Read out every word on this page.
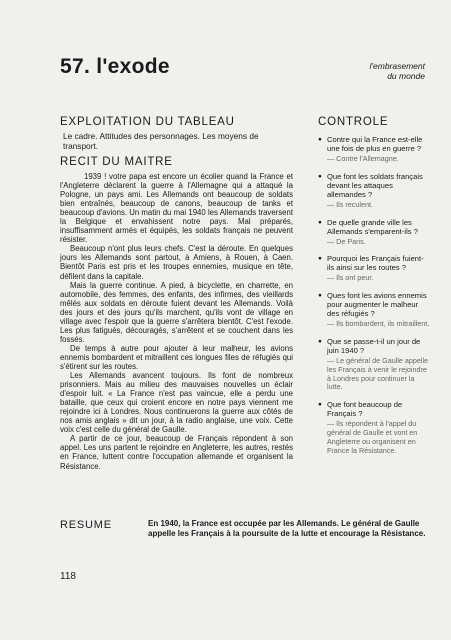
57. l'exode	l'embrasement
du monde
EXPLOITATION DU TABLEAU

Le cadre. Attitudes des personnages. Les moyens de transport.

RECIT DU MAITRE

1939 ! votre papa est encore un écolier quand la France et l'Angleterre déclarent la guerre à l'Allemagne qui a attaqué la Pologne, un pays ami. Les Allemands ont beaucoup de soldats bien entraînés, beaucoup de canons, beaucoup de tanks et beaucoup d'avions. Un matin du mai 1940 les Allemands traversent la Belgique et envahissent notre pays. Mal préparés, insuffisamment armés et équipés, les soldats français ne peuvent résister.

Beaucoup n'ont plus leurs chefs. C'est la déroute. En quelques jours les Allemands sont partout, à Amiens, à Rouen, à Caen. Bientôt Paris est pris et les troupes ennemies, musique en tête, défilent dans la capitale.

Mais la guerre continue. A pied, à bicyclette, en charrette, en automobile, des femmes, des enfants, des infirmes, des vieillards mêlés aux soldats en déroute fuient devant les Allemands. Voilà des jours et des jours qu'ils marchent, qu'ils vont de village en village avec l'espoir que la guerre s'arrêtera bientôt. C'est l'exode. Les plus fatigués, découragés, s'arrêtent et se couchent dans les fossés.

De temps à autre pour ajouter à leur malheur, les avions ennemis bombardent et mitraillent ces longues files de réfugiés qui s'étirent sur les routes.

Les Allemands avancent toujours. Ils font de nombreux prisonniers. Mais au milieu des mauvaises nouvelles un éclair d'espoir luit. « La France n'est pas vaincue, elle a perdu une bataille, que ceux qui croient encore en notre pays viennent me rejoindre ici à Londres. Nous continuerons la guerre aux côtés de nos amis anglais » dit un jour, à la radio anglaise, une voix. Cette voix c'est celle du général de Gaulle.

A partir de ce jour, beaucoup de Français répondent à son appel. Les uns partent le rejoindre en Angleterre, les autres, restés en France, luttent contre l'occupation allemande et organisent la Résistance.

CONTROLE

● Contre qui la France est-elle une fois de plus en guerre ?

— Contre l'Allemagne.

● Que font les soldats français devant les attaques allemandes ?

— Ils reculent.

● De quelle grande ville les Allemands s'emparent-ils ?

— De Paris.

● Pourquoi les Français fuient-ils ainsi sur les routes ?

— Ils ont peur.

● Ques font les avions ennemis pour augmenter le malheur des réfugiés ?

— Ils bombardent, ils mitraillent.

● Que se passe-t-il un jour de juin 1940 ?

— Le général de Gaulle appelle les Français à venir le rejoindre à Londres pour continuer la lutte.

● Que font beaucoup de Français ?

— Ils répondent à l'appel du général de Gaulle et vont en Angleterre ou organisent en France la Résistance.

RESUME	En 1940, la France est occupée par les Allemands. Le général de Gaulle appelle les Français à la poursuite de la lutte et encourage la Résistance.

118
